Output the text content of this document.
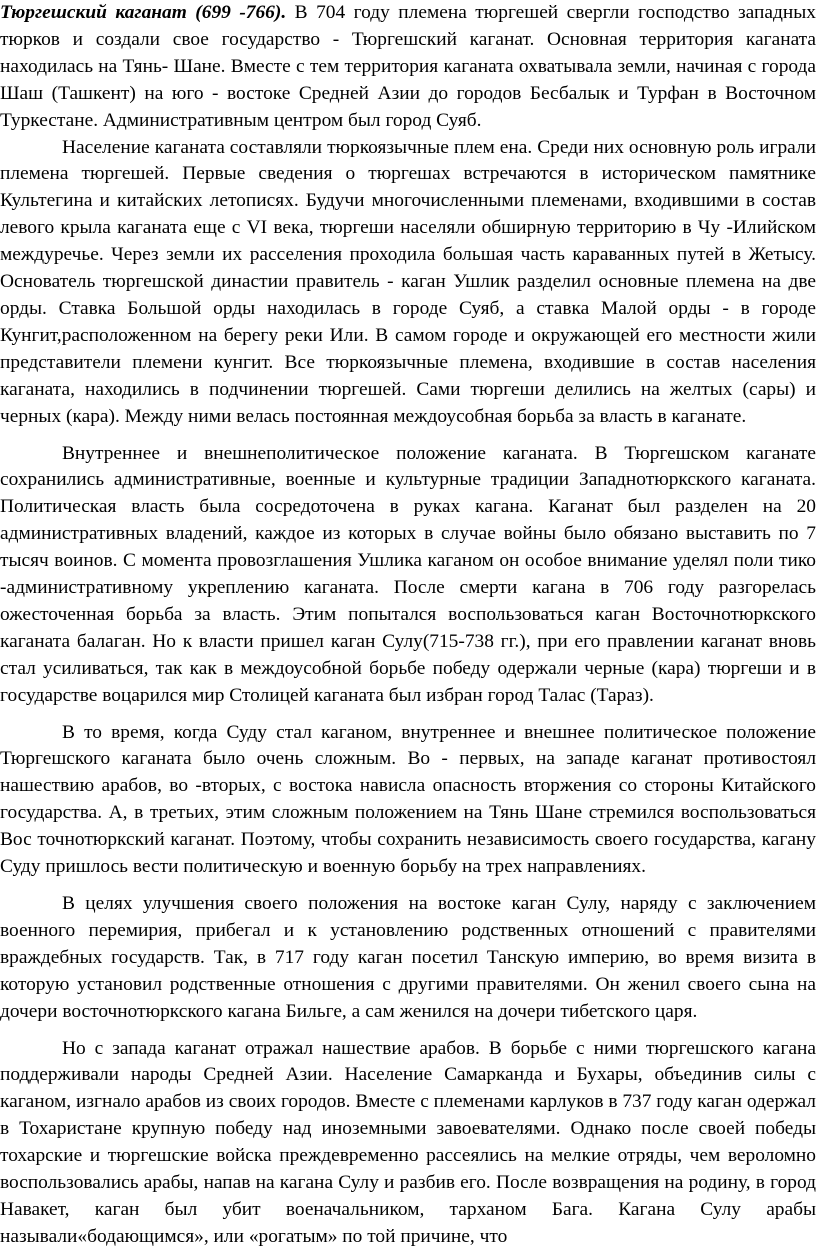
Тюргешский каганат (699 -766). В 704 году племена тюргешей свергли господство западных тюрков и создали свое государство - Тюргешский каганат. Основная территория каганата находилась на Тянь- Шане. Вместе с тем территория каганата охватывала земли, начиная с города Шаш (Ташкент) на юго - востоке Средней Азии до городов Бесбалык и Турфан в Восточном Туркестане. Административным центром был город Суяб.

Население каганата составляли тюркоязычные плем ена. Среди них основную роль играли племена тюргешей. Первые сведения о тюргешах встречаются в историческом памятнике Культегина и китайских летописях. Будучи многочисленными племенами, входившими в состав левого крыла каганата еще с VI века, тюргеши населяли обширную территорию в Чу -Илийском междуречье. Через земли их расселения проходила большая часть караванных путей в Жетысу. Основатель тюргешской династии правитель - каган Ушлик разделил основные племена на две орды. Ставка Большой орды находилась в городе Суяб, а ставка Малой орды - в городе Кунгит,расположенном на берегу реки Или. В самом городе и окружающей его местности жили представители племени кунгит. Все тюркоязычные племена, входившие в состав населения каганата, находились в подчинении тюргешей. Сами тюргеши делились на желтых (сары) и черных (кара). Между ними велась постоянная междоусобная борьба за власть в каганате.

Внутреннее и внешнеполитическое положение каганата. В Тюргешском каганате сохранились административные, военные и культурные традиции Западнотюркского каганата. Политическая власть была сосредоточена в руках кагана. Каганат был разделен на 20 административных владений, каждое из которых в случае войны было обязано выставить по 7 тысяч воинов. С момента провозглашения Ушлика каганом он особое внимание уделял поли тико -административному укреплению каганата. После смерти кагана в 706 году разгорелась ожесточенная борьба за власть. Этим попытался воспользоваться каган Восточнотюркского каганата балаган. Но к власти пришел каган Сулу(715-738 гг.), при его правлении каганат вновь стал усиливаться, так как в междоусобной борьбе победу одержали черные (кара) тюргеши и в государстве воцарился мир Столицей каганата был избран город Талас (Тараз).

В то время, когда Суду стал каганом, внутреннее и внешнее политическое положение Тюргешского каганата было очень сложным. Во - первых, на западе каганат противостоял нашествию арабов, во -вторых, с востока нависла опасность вторжения со стороны Китайского государства. А, в третьих, этим сложным положением на Тянь Шане стремился воспользоваться Вос точнотюркский каганат. Поэтому, чтобы сохранить независимость своего государства, кагану Суду пришлось вести политическую и военную борьбу на трех направлениях.

В целях улучшения своего положения на востоке каган Сулу, наряду с заключением военного перемирия, прибегал и к установлению родственных отношений с правителями враждебных государств. Так, в 717 году каган посетил Танскую империю, во время визита в которую установил родственные отношения с другими правителями. Он женил своего сына на дочери восточнотюркского кагана Бильге, а сам женился на дочери тибетского царя.

Но с запада каганат отражал нашествие арабов. В борьбе с ними тюргешского кагана поддерживали народы Средней Азии. Население Самарканда и Бухары, объединив силы с каганом, изгнало арабов из своих городов. Вместе с племенами карлуков в 737 году каган одержал в Тохаристане крупную победу над иноземными завоевателями. Однако после своей победы тохарские и тюргешские войска преждевременно рассеялись на мелкие отряды, чем вероломно воспользовались арабы, напав на кагана Сулу и разбив его. После возвращения на родину, в город Навакет, каган был убит военачальником, тарханом Бага. Кагана Сулу арабы называли«бодающимся», или «рогатым» по той причине, что
